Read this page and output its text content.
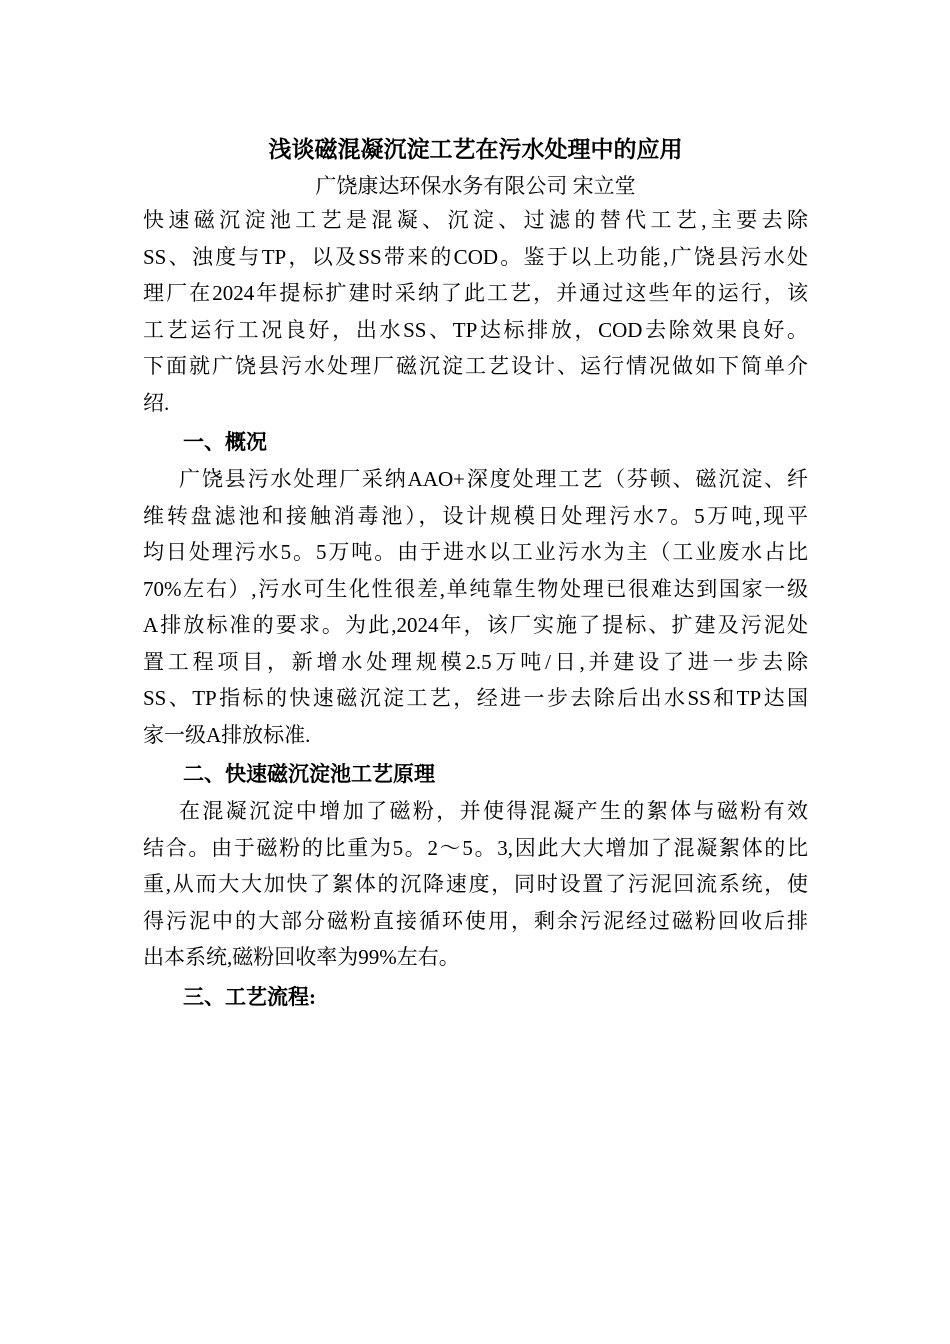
浅谈磁混凝沉淀工艺在污水处理中的应用
广饶康达环保水务有限公司 宋立堂
快速磁沉淀池工艺是混凝、沉淀、过滤的替代工艺,主要去除
SS、浊度与TP，以及SS带来的COD。鉴于以上功能,广饶县污水处
理厂在2024年提标扩建时采纳了此工艺，并通过这些年的运行，该
工艺运行工况良好，出水SS、TP达标排放，COD去除效果良好。
下面就广饶县污水处理厂磁沉淀工艺设计、运行情况做如下简单介
绍.
一、概况
广饶县污水处理厂采纳AAO+深度处理工艺（芬顿、磁沉淀、纤
维转盘滤池和接触消毒池），设计规模日处理污水7。5万吨,现平
均日处理污水5。5万吨。由于进水以工业污水为主（工业废水占比
70%左右）,污水可生化性很差,单纯靠生物处理已很难达到国家一级
A排放标准的要求。为此,2024年，该厂实施了提标、扩建及污泥处
置工程项目，新增水处理规模2.5万吨/日,并建设了进一步去除
SS、TP指标的快速磁沉淀工艺，经进一步去除后出水SS和TP达国
家一级A排放标准.
二、快速磁沉淀池工艺原理
在混凝沉淀中增加了磁粉，并使得混凝产生的絮体与磁粉有效
结合。由于磁粉的比重为5。2～5。3,因此大大增加了混凝絮体的比
重,从而大大加快了絮体的沉降速度，同时设置了污泥回流系统，使
得污泥中的大部分磁粉直接循环使用，剩余污泥经过磁粉回收后排
出本系统,磁粉回收率为99%左右。
三、工艺流程:
